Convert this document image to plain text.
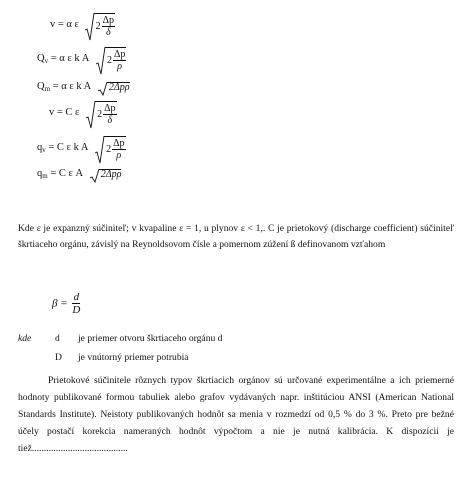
v = α ε $2 \frac{\Delta p}{\delta}$
$Q_v = \alpha$ ε k A $2 \frac{\Delta p}{\rho}$
$Q_m = \alpha$ ε k A 2Δpρ
v = C ε $2 \frac{\Delta p}{\delta}$
$q_v = C$ ε k A $2 \frac{\Delta p}{\rho}$
$q_m = C$ ε A 2Δpρ
Kde ε je expanzný súčiniteľ; v kvapaline ε = 1, u plynov ε < 1,. C je prietokový (discharge coefficient) súčiniteľ škrtiaceho orgánu, závislý na Reynoldsovom čísle a pomernom zúžení ß definovanom vzťahom
$\beta = \frac{d}{D}$
kde d je priemer otvoru škrtiaceho orgánu d
D je vnútorný priemer potrubia
Prietokové súčinitele rôznych typov škrtiacich orgánov sú určované experimentálne a ich priemerné hodnoty publikované formou tabuliek alebo grafov vydávaných napr. inštitúciou ANSI (American National Standards Institute). Neistoty publikovaných hodnôt sa menia v rozmedzí od 0,5 % do 3 %. Preto pre bežné účely postačí korekcia nameraných hodnôt výpočtom a nie je nutná kalibrácia. K dispozícii je tiež........................................
